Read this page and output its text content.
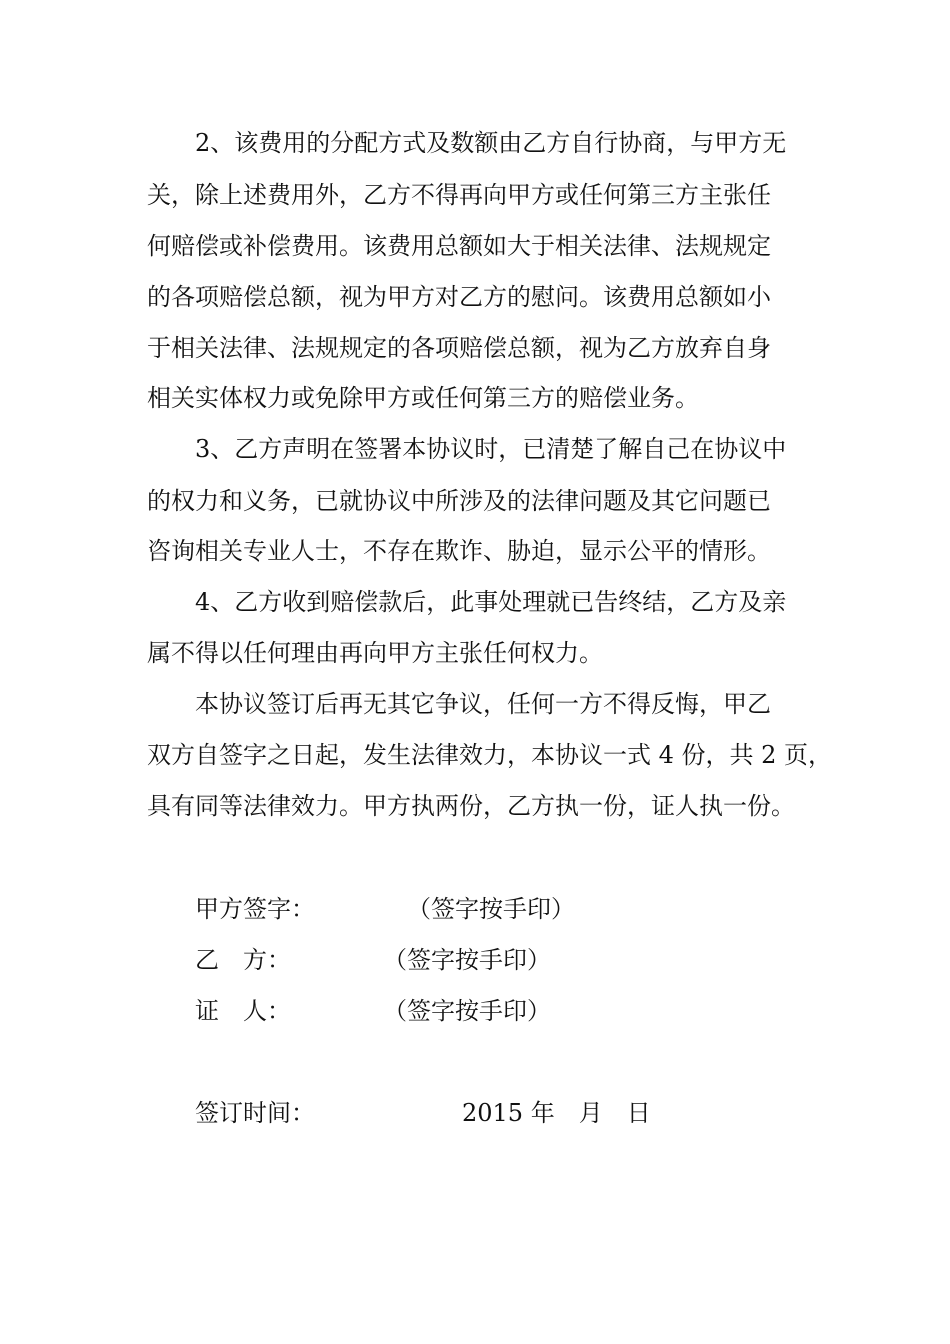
2、该费用的分配方式及数额由乙方自行协商，与甲方无
关，除上述费用外，乙方不得再向甲方或任何第三方主张任
何赔偿或补偿费用。该费用总额如大于相关法律、法规规定
的各项赔偿总额，视为甲方对乙方的慰问。该费用总额如小
于相关法律、法规规定的各项赔偿总额，视为乙方放弃自身
相关实体权力或免除甲方或任何第三方的赔偿业务。
3、乙方声明在签署本协议时，已清楚了解自己在协议中
的权力和义务，已就协议中所涉及的法律问题及其它问题已
咨询相关专业人士，不存在欺诈、胁迫，显示公平的情形。
4、乙方收到赔偿款后，此事处理就已告终结，乙方及亲
属不得以任何理由再向甲方主张任何权力。
本协议签订后再无其它争议，任何一方不得反悔，甲乙
双方自签字之日起，发生法律效力，本协议一式 4 份，共 2 页，
具有同等法律效力。甲方执两份，乙方执一份，证人执一份。
甲方签字：	（签字按手印）
乙　方：	（签字按手印）
证　人：	（签字按手印）
签订时间：	2015 年　月　日
